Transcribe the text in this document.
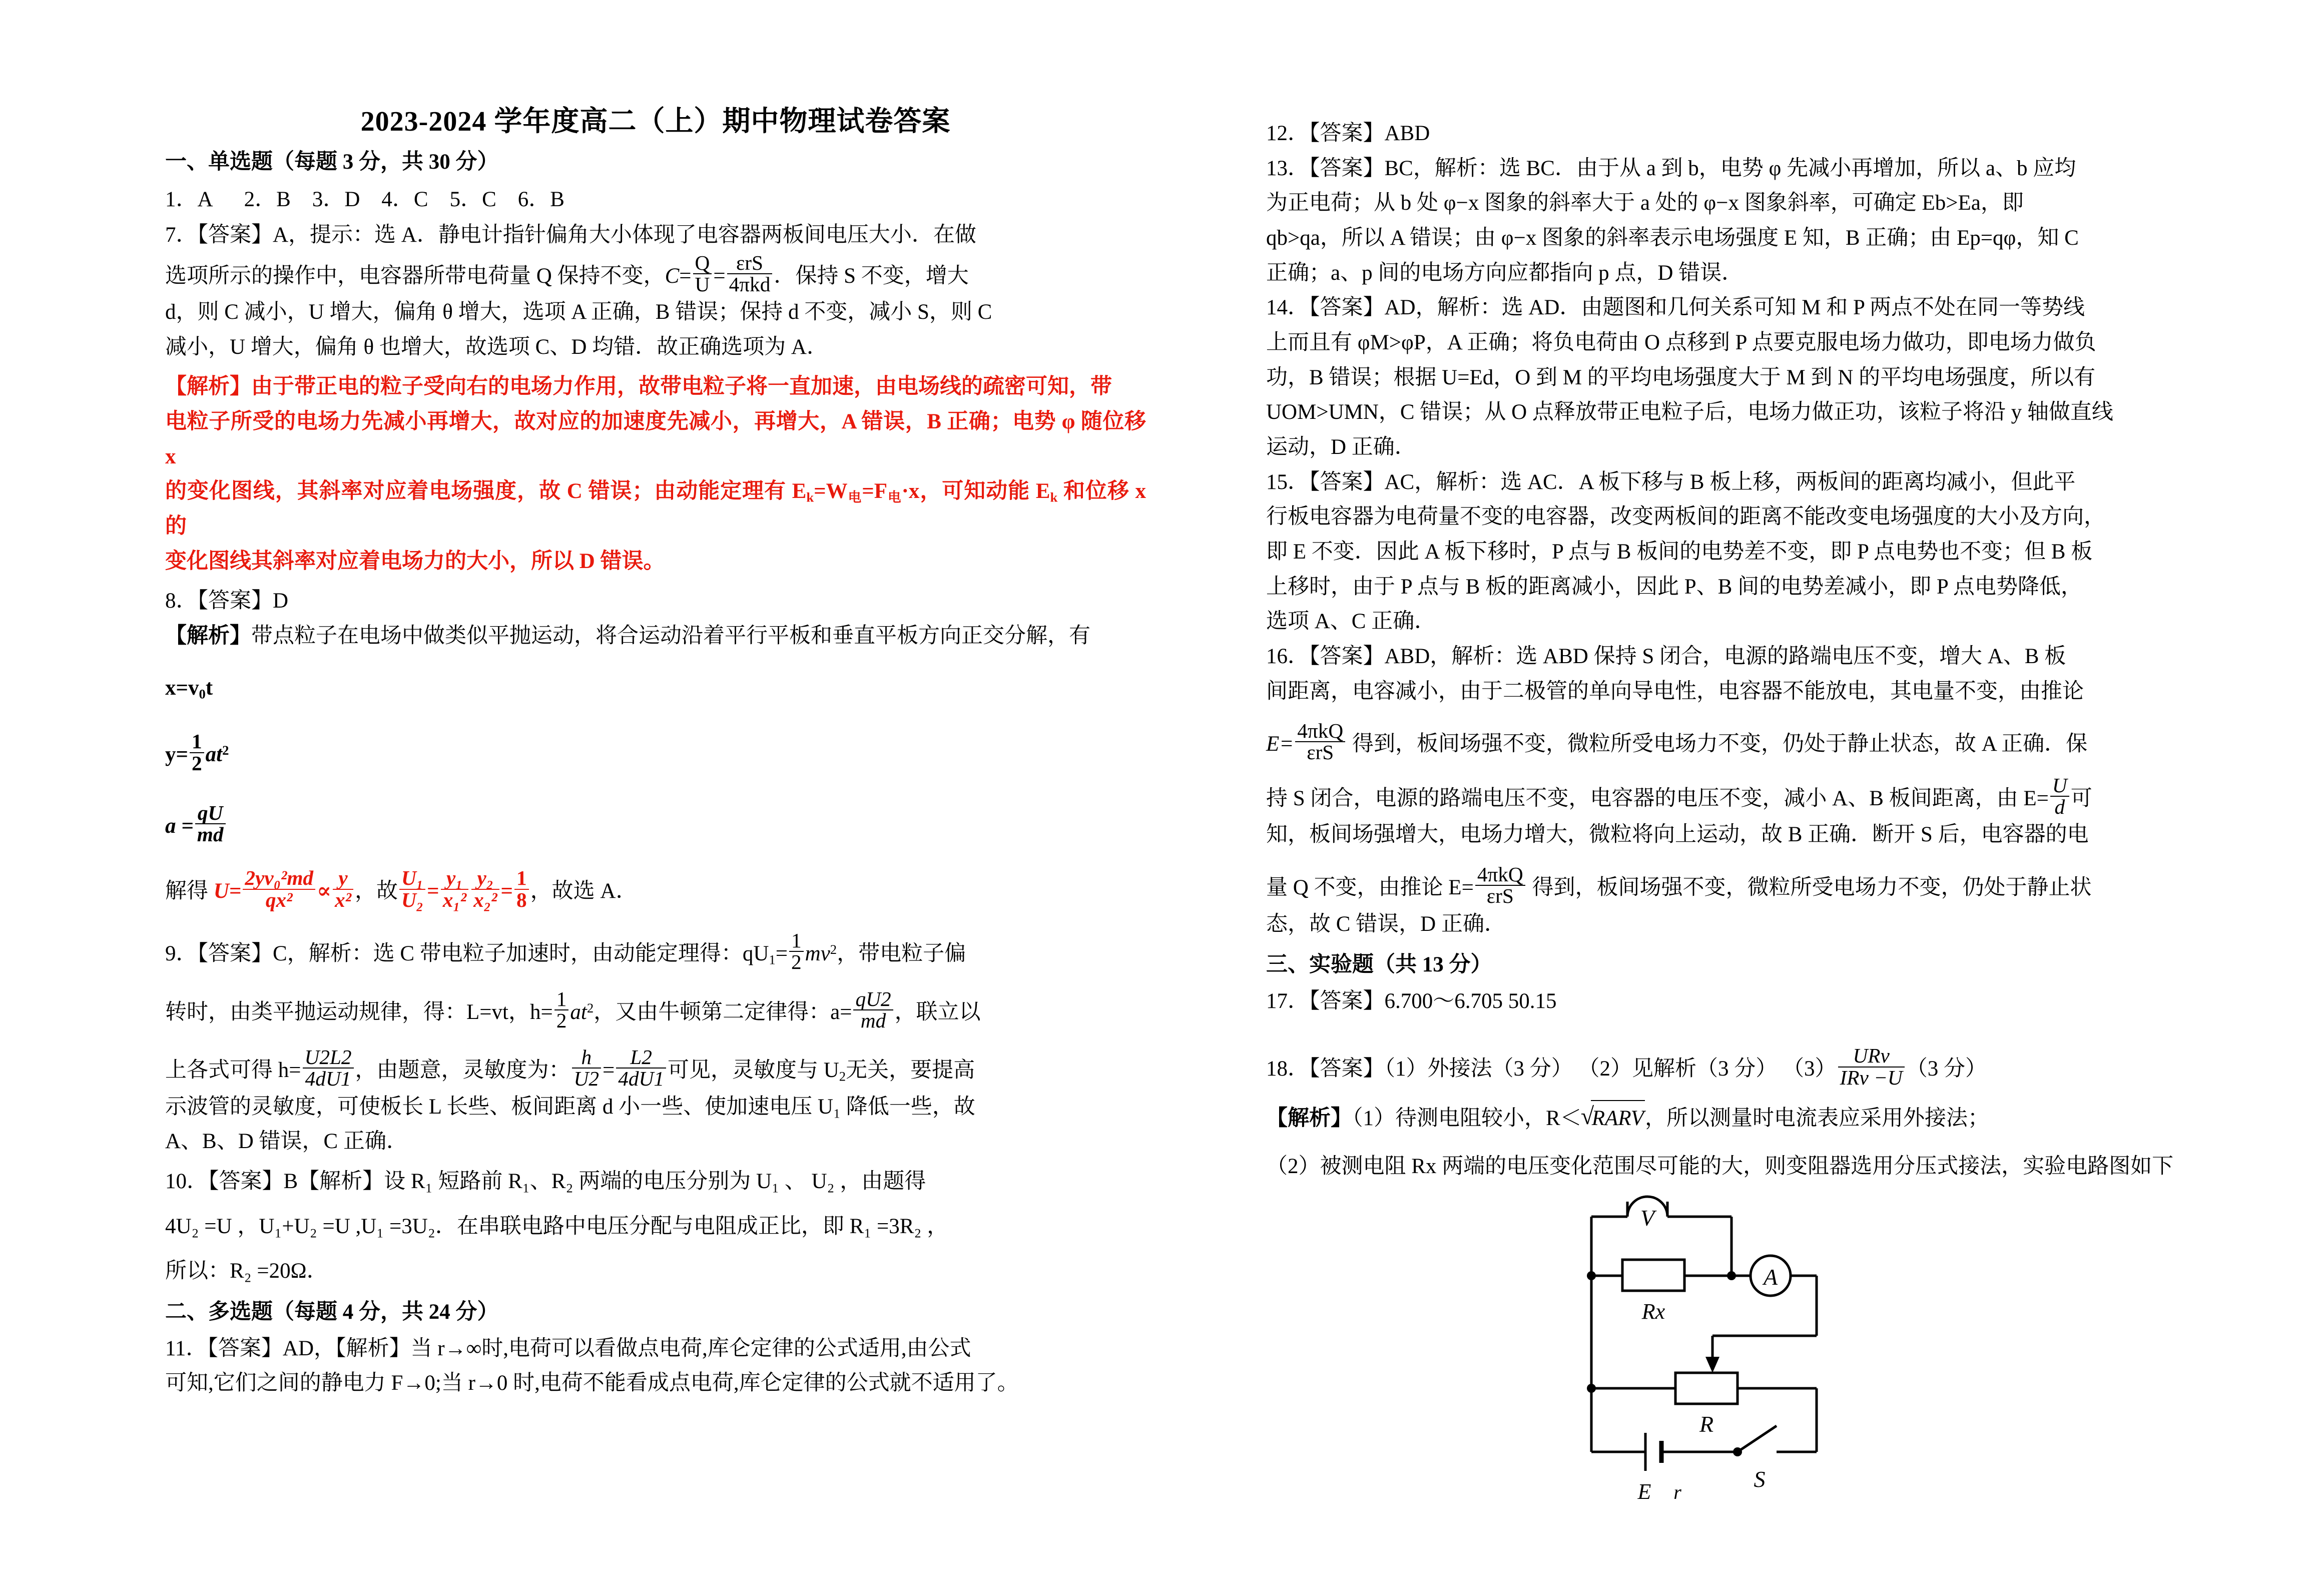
2023-2024 学年度高二（上）期中物理试卷答案
一、单选题（每题 3 分，共 30 分）
1．A      2．B    3．D    4．C    5．C    6．B

7．【答案】A，提示：选 A．静电计指针偏角大小体现了电容器两板间电压大小．在做

选项所示的操作中，电容器所带电荷量 Q 保持不变，$C= \frac{Q}{U} = \frac{\text{εrS}}{\text{4πkd}}$ ．保持 S 不变，增大

d，则 C 减小，U 增大，偏角 θ 增大，选项 A 正确，B 错误；保持 d 不变，减小 S，则 C

减小，U 增大，偏角 θ 也增大，故选项 C、D 均错．故正确选项为 A．

【解析】由于带正电的粒子受向右的电场力作用，故带电粒子将一直加速，由电场线的疏密可知，带

电粒子所受的电场力先减小再增大，故对应的加速度先减小，再增大，A 错误，B 正确；电势 φ 随位移 x

的变化图线，其斜率对应着电场强度，故 C 错误；由动能定理有 $E_k=W_电=F_电\cdot x$，可知动能 $E_k$ 和位移 x 的

变化图线其斜率对应着电场力的大小，所以 D 错误。

8．【答案】D

【解析】带点粒子在电场中做类似平抛运动，将合运动沿着平行平板和垂直平板方向正交分解，有

$x=v_0t$

$y= \frac{1}{2} at^2$

$a = \frac{qU}{md}$

解得 $U= \frac{\text{2yv₀²md}}{\text{qx²}} \propto \frac{y}{\text{x²}}$ ，故 $\frac{\text{U₁}}{\text{U₂}} = \frac{\text{y₁}}{\text{x₁²}} \frac{\text{y₂}}{\text{x₂²}} = \frac{1}{8}$ ，故选 A．

9．【答案】C，解析：选 C 带电粒子加速时，由动能定理得：$qU_1= \frac{1}{2} mv^2$，带电粒子偏

转时，由类平抛运动规律，得：L=vt，$h= \frac{1}{2} at^2$，又由牛顿第二定律得：$a= \frac{qU2}{md}$ ，联立以

上各式可得 $h= \frac{U2L2}{4dU1}$ ，由题意，灵敏度为： $\frac{h}{U2} = \frac{L2}{4dU1}$ 可见，灵敏度与 $U_2$无关，要提高

示波管的灵敏度，可使板长 L 长些、板间距离 d 小一些、使加速电压 U₁ 降低一些，故

A、B、D 错误，C 正确．

10．【答案】B【解析】设 R₁ 短路前 R₁、R₂ 两端的电压分别为 U₁ 、 U₂ ，由题得

4U₂ =U ，U₁+U₂ =U ,U₁ =3U₂．在串联电路中电压分配与电阻成正比，即 R₁ =3R₂ ，

所以：R₂ =20Ω．

二、多选题（每题 4 分，共 24 分）

11．【答案】AD，【解析】当 r→∞时,电荷可以看做点电荷,库仑定律的公式适用,由公式

可知,它们之间的静电力 F→0;当 r→0 时,电荷不能看成点电荷,库仑定律的公式就不适用了。

12．【答案】ABD

13．【答案】BC，解析：选 BC．由于从 a 到 b，电势 φ 先减小再增加，所以 a、b 应均

为正电荷；从 b 处 φ−x 图象的斜率大于 a 处的 φ−x 图象斜率，可确定 Eb>Ea，即

qb>qa，所以 A 错误；由 φ−x 图象的斜率表示电场强度 E 知，B 正确；由 Ep=qφ，知 C

正确；a、p 间的电场方向应都指向 p 点，D 错误．

14．【答案】AD，解析：选 AD．由题图和几何关系可知 M 和 P 两点不处在同一等势线

上而且有 φM>φP，A 正确；将负电荷由 O 点移到 P 点要克服电场力做功，即电场力做负

功，B 错误；根据 U=Ed，O 到 M 的平均电场强度大于 M 到 N 的平均电场强度，所以有

UOM>UMN，C 错误；从 O 点释放带正电粒子后，电场力做正功，该粒子将沿 y 轴做直线

运动，D 正确．

15．【答案】AC，解析：选 AC．A 板下移与 B 板上移，两板间的距离均减小，但此平

行板电容器为电荷量不变的电容器，改变两板间的距离不能改变电场强度的大小及方向，

即 E 不变．因此 A 板下移时，P 点与 B 板间的电势差不变，即 P 点电势也不变；但 B 板

上移时，由于 P 点与 B 板的距离减小，因此 P、B 间的电势差减小，即 P 点电势降低，

选项 A、C 正确．

16．【答案】ABD，解析：选 ABD 保持 S 闭合，电源的路端电压不变，增大 A、B 板

间距离，电容减小，由于二极管的单向导电性，电容器不能放电，其电量不变，由推论

$E= \frac{\text{4πkQ}}{\text{εrS}}$ 得到，板间场强不变，微粒所受电场力不变，仍处于静止状态，故 A 正确．保

持 S 闭合，电源的路端电压不变，电容器的电压不变，减小 A、B 板间距离，由 $E= \frac{U}{d}$ 可

知，板间场强增大，电场力增大，微粒将向上运动，故 B 正确．断开 S 后，电容器的电

量 Q 不变，由推论 $E= \frac{\text{4πkQ}}{\text{εrS}}$ 得到，板间场强不变，微粒所受电场力不变，仍处于静止状

态，故 C 错误，D 正确．

三、实验题（共 13 分）

17．【答案】6.700～6.705 50.15

18．【答案】（1）外接法（3 分） （2）见解析（3 分） $(3) \frac{\text{URv}}{\text{IRv −U}} (3$ 分）

【解析】（1）待测电阻较小，R＜ √ RARV，所以测量时电流表应采用外接法；

（2）被测电阻 Rx 两端的电压变化范围尽可能的大，则变阻器选用分压式接法，实验电路图如下

V
A
Rx
R
E r
S
